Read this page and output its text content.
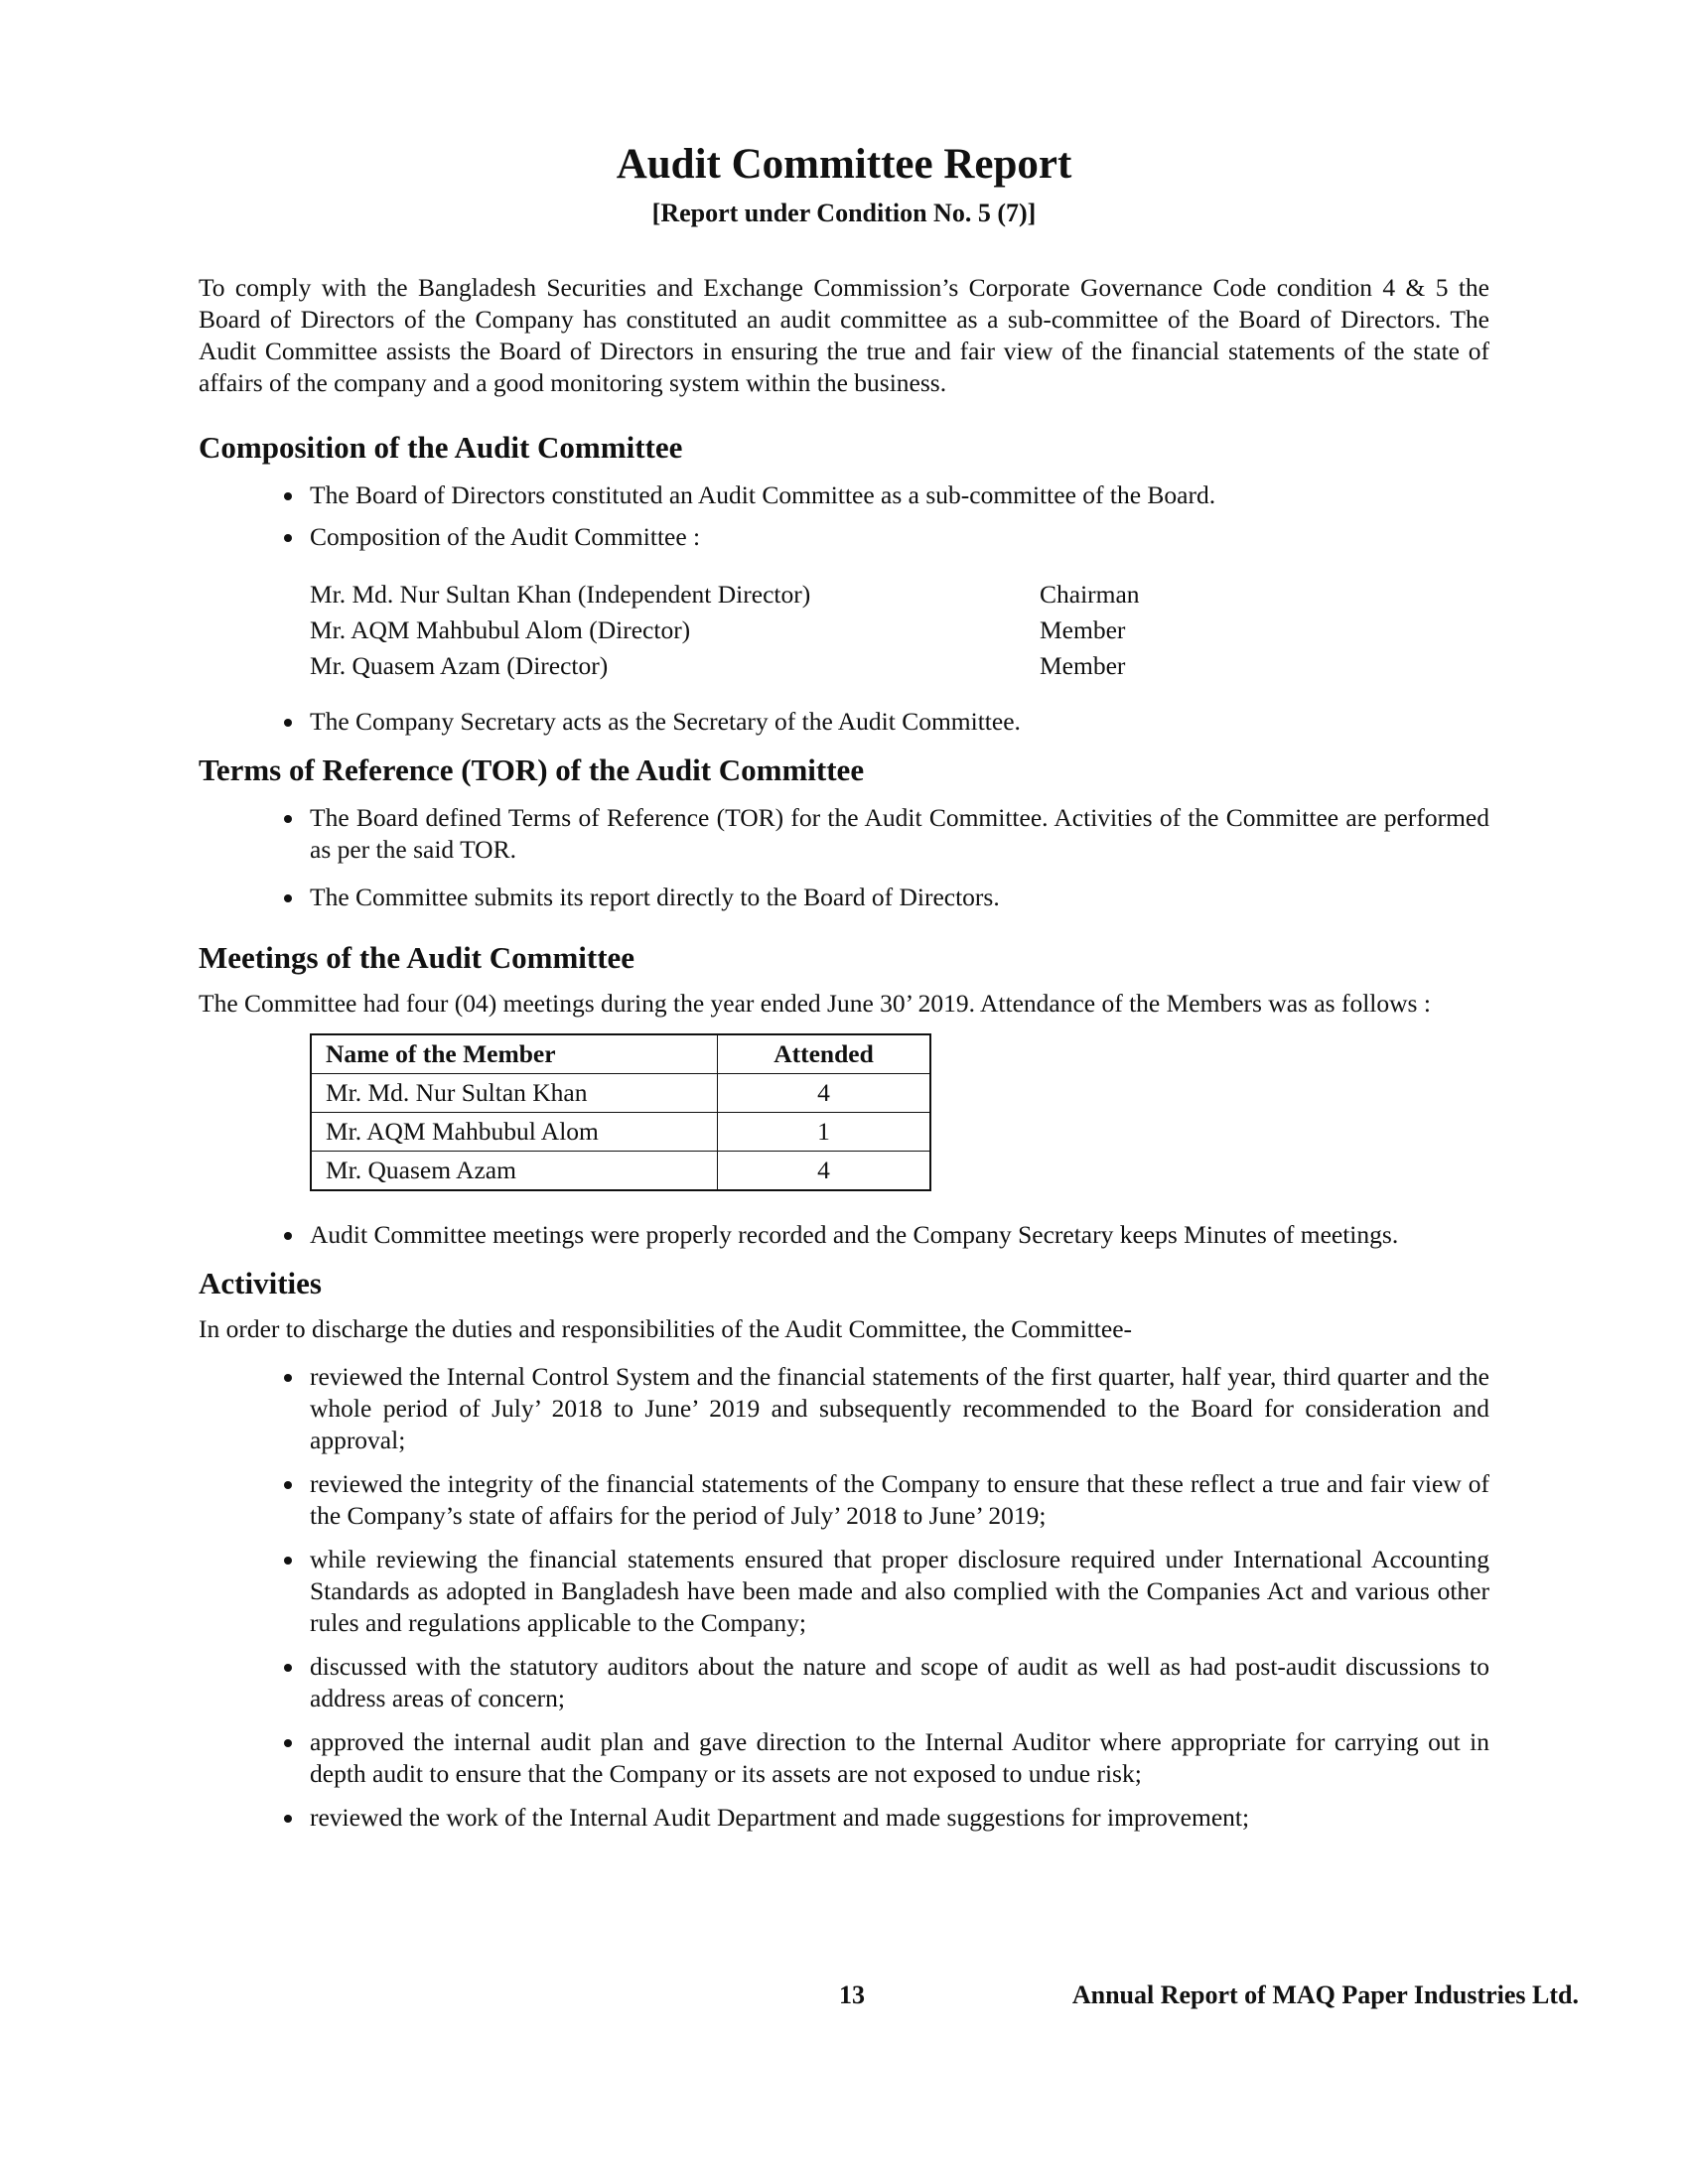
Audit Committee Report
[Report under Condition No. 5 (7)]

To comply with the Bangladesh Securities and Exchange Commission’s Corporate Governance Code condition 4 & 5 the Board of Directors of the Company has constituted an audit committee as a sub-committee of the Board of Directors. The Audit Committee assists the Board of Directors in ensuring the true and fair view of the financial statements of the state of affairs of the company and a good monitoring system within the business.

Composition of the Audit Committee
The Board of Directors constituted an Audit Committee as a sub-committee of the Board.
Composition of the Audit Committee :
Mr. Md. Nur Sultan Khan (Independent Director)	Chairman
Mr. AQM Mahbubul Alom (Director)	Member
Mr. Quasem Azam (Director)	Member
The Company Secretary acts as the Secretary of the Audit Committee.
Terms of Reference (TOR) of the Audit Committee
The Board defined Terms of Reference (TOR) for the Audit Committee. Activities of the Committee are performed as per the said TOR.
The Committee submits its report directly to the Board of Directors.
Meetings of the Audit Committee

The Committee had four (04) meetings during the year ended June 30’ 2019. Attendance of the Members was as follows :

Name of the Member	Attended
Mr. Md. Nur Sultan Khan	4
Mr. AQM Mahbubul Alom	1
Mr. Quasem Azam	4
Audit Committee meetings were properly recorded and the Company Secretary keeps Minutes of meetings.
Activities

In order to discharge the duties and responsibilities of the Audit Committee, the Committee-

reviewed the Internal Control System and the financial statements of the first quarter, half year, third quarter and the whole period of July’ 2018 to June’ 2019 and subsequently recommended to the Board for consideration and approval;
reviewed the integrity of the financial statements of the Company to ensure that these reflect a true and fair view of the Company’s state of affairs for the period of July’ 2018 to June’ 2019;
while reviewing the financial statements ensured that proper disclosure required under International Accounting Standards as adopted in Bangladesh have been made and also complied with the Companies Act and various other rules and regulations applicable to the Company;
discussed with the statutory auditors about the nature and scope of audit as well as had post-audit discussions to address areas of concern;
approved the internal audit plan and gave direction to the Internal Auditor where appropriate for carrying out in depth audit to ensure that the Company or its assets are not exposed to undue risk;
reviewed the work of the Internal Audit Department and made suggestions for improvement;
13	Annual Report of MAQ Paper Industries Ltd.
